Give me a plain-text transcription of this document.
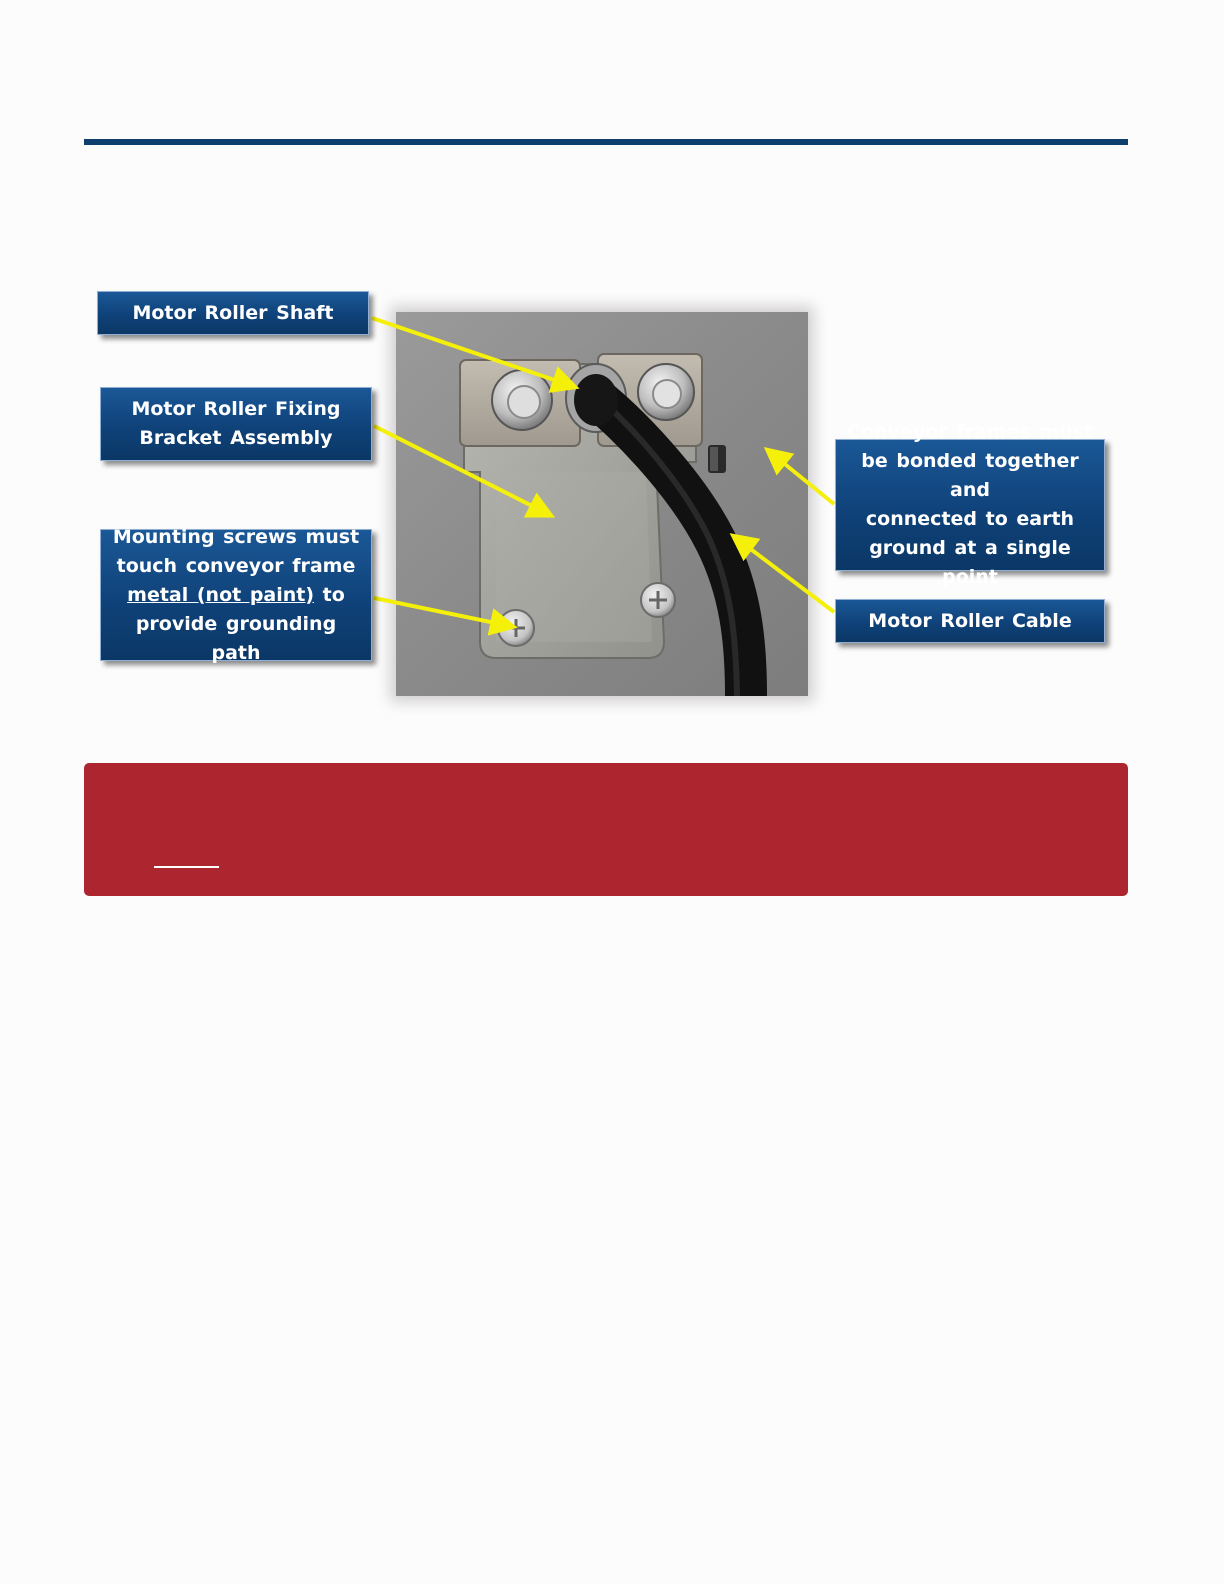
Motor Roller Shaft
Motor Roller Fixing
Bracket Assembly
Mounting screws must
touch conveyor frame
metal (not paint) to
provide grounding path
Conveyor frames must
be bonded together and
connected to earth
ground at a single point
Motor Roller Cable
